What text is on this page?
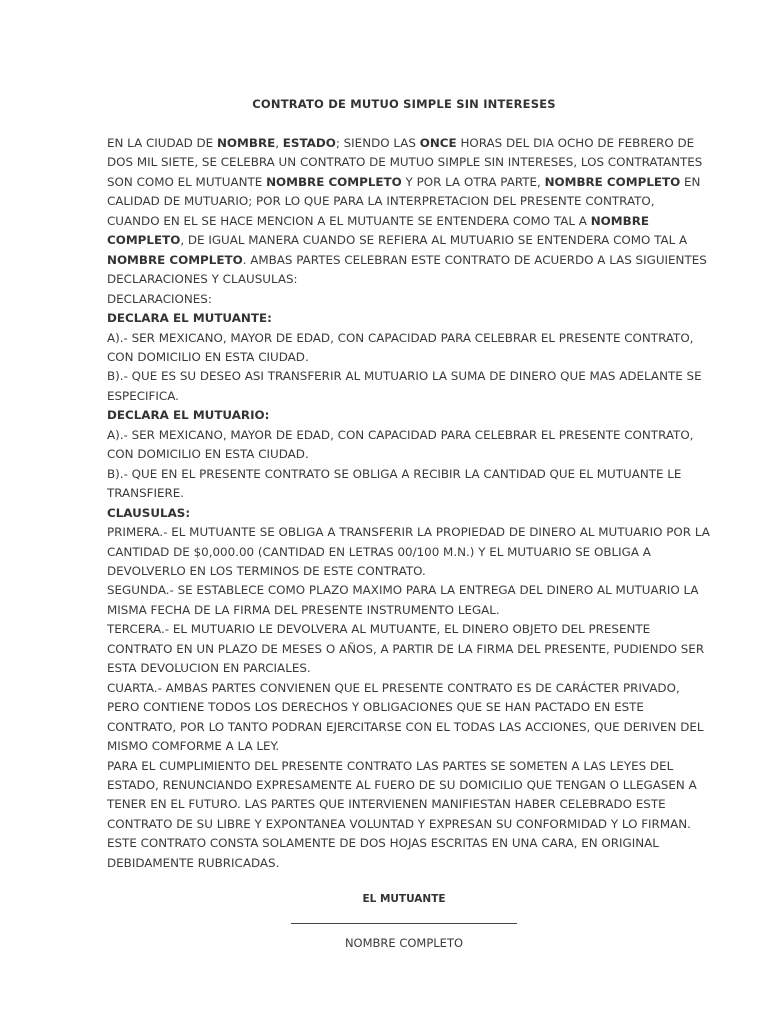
CONTRATO DE MUTUO SIMPLE SIN INTERESES
EN LA CIUDAD DE NOMBRE, ESTADO; SIENDO LAS ONCE HORAS DEL DIA OCHO DE FEBRERO DE
DOS MIL SIETE, SE CELEBRA UN CONTRATO DE MUTUO SIMPLE SIN INTERESES, LOS CONTRATANTES
SON COMO EL MUTUANTE NOMBRE COMPLETO Y POR LA OTRA PARTE, NOMBRE COMPLETO EN
CALIDAD DE MUTUARIO; POR LO QUE PARA LA INTERPRETACION DEL PRESENTE CONTRATO,
CUANDO EN EL SE HACE MENCION A EL MUTUANTE SE ENTENDERA COMO TAL A NOMBRE
COMPLETO, DE IGUAL MANERA CUANDO SE REFIERA AL MUTUARIO SE ENTENDERA COMO TAL A
NOMBRE COMPLETO. AMBAS PARTES CELEBRAN ESTE CONTRATO DE ACUERDO A LAS SIGUIENTES
DECLARACIONES Y CLAUSULAS:
DECLARACIONES:
DECLARA EL MUTUANTE:
A).- SER MEXICANO, MAYOR DE EDAD, CON CAPACIDAD PARA CELEBRAR EL PRESENTE CONTRATO,
CON DOMICILIO EN ESTA CIUDAD.
B).- QUE ES SU DESEO ASI TRANSFERIR AL MUTUARIO LA SUMA DE DINERO QUE MAS ADELANTE SE
ESPECIFICA.
DECLARA EL MUTUARIO:
A).- SER MEXICANO, MAYOR DE EDAD, CON CAPACIDAD PARA CELEBRAR EL PRESENTE CONTRATO,
CON DOMICILIO EN ESTA CIUDAD.
B).- QUE EN EL PRESENTE CONTRATO SE OBLIGA A RECIBIR LA CANTIDAD QUE EL MUTUANTE LE
TRANSFIERE.
CLAUSULAS:
PRIMERA.- EL MUTUANTE SE OBLIGA A TRANSFERIR LA PROPIEDAD DE DINERO AL MUTUARIO POR LA
CANTIDAD DE $0,000.00 (CANTIDAD EN LETRAS 00/100 M.N.) Y EL MUTUARIO SE OBLIGA A
DEVOLVERLO EN LOS TERMINOS DE ESTE CONTRATO.
SEGUNDA.- SE ESTABLECE COMO PLAZO MAXIMO PARA LA ENTREGA DEL DINERO AL MUTUARIO LA
MISMA FECHA DE LA FIRMA DEL PRESENTE INSTRUMENTO LEGAL.
TERCERA.- EL MUTUARIO LE DEVOLVERA AL MUTUANTE, EL DINERO OBJETO DEL PRESENTE
CONTRATO EN UN PLAZO DE MESES O AÑOS, A PARTIR DE LA FIRMA DEL PRESENTE, PUDIENDO SER
ESTA DEVOLUCION EN PARCIALES.
CUARTA.- AMBAS PARTES CONVIENEN QUE EL PRESENTE CONTRATO ES DE CARÁCTER PRIVADO,
PERO CONTIENE TODOS LOS DERECHOS Y OBLIGACIONES QUE SE HAN PACTADO EN ESTE
CONTRATO, POR LO TANTO PODRAN EJERCITARSE CON EL TODAS LAS ACCIONES, QUE DERIVEN DEL
MISMO COMFORME A LA LEY.
PARA EL CUMPLIMIENTO DEL PRESENTE CONTRATO LAS PARTES SE SOMETEN A LAS LEYES DEL
ESTADO, RENUNCIANDO EXPRESAMENTE AL FUERO DE SU DOMICILIO QUE TENGAN O LLEGASEN A
TENER EN EL FUTURO. LAS PARTES QUE INTERVIENEN MANIFIESTAN HABER CELEBRADO ESTE
CONTRATO DE SU LIBRE Y EXPONTANEA VOLUNTAD Y EXPRESAN SU CONFORMIDAD Y LO FIRMAN.
ESTE CONTRATO CONSTA SOLAMENTE DE DOS HOJAS ESCRITAS EN UNA CARA, EN ORIGINAL
DEBIDAMENTE RUBRICADAS.
EL MUTUANTE
NOMBRE COMPLETO
